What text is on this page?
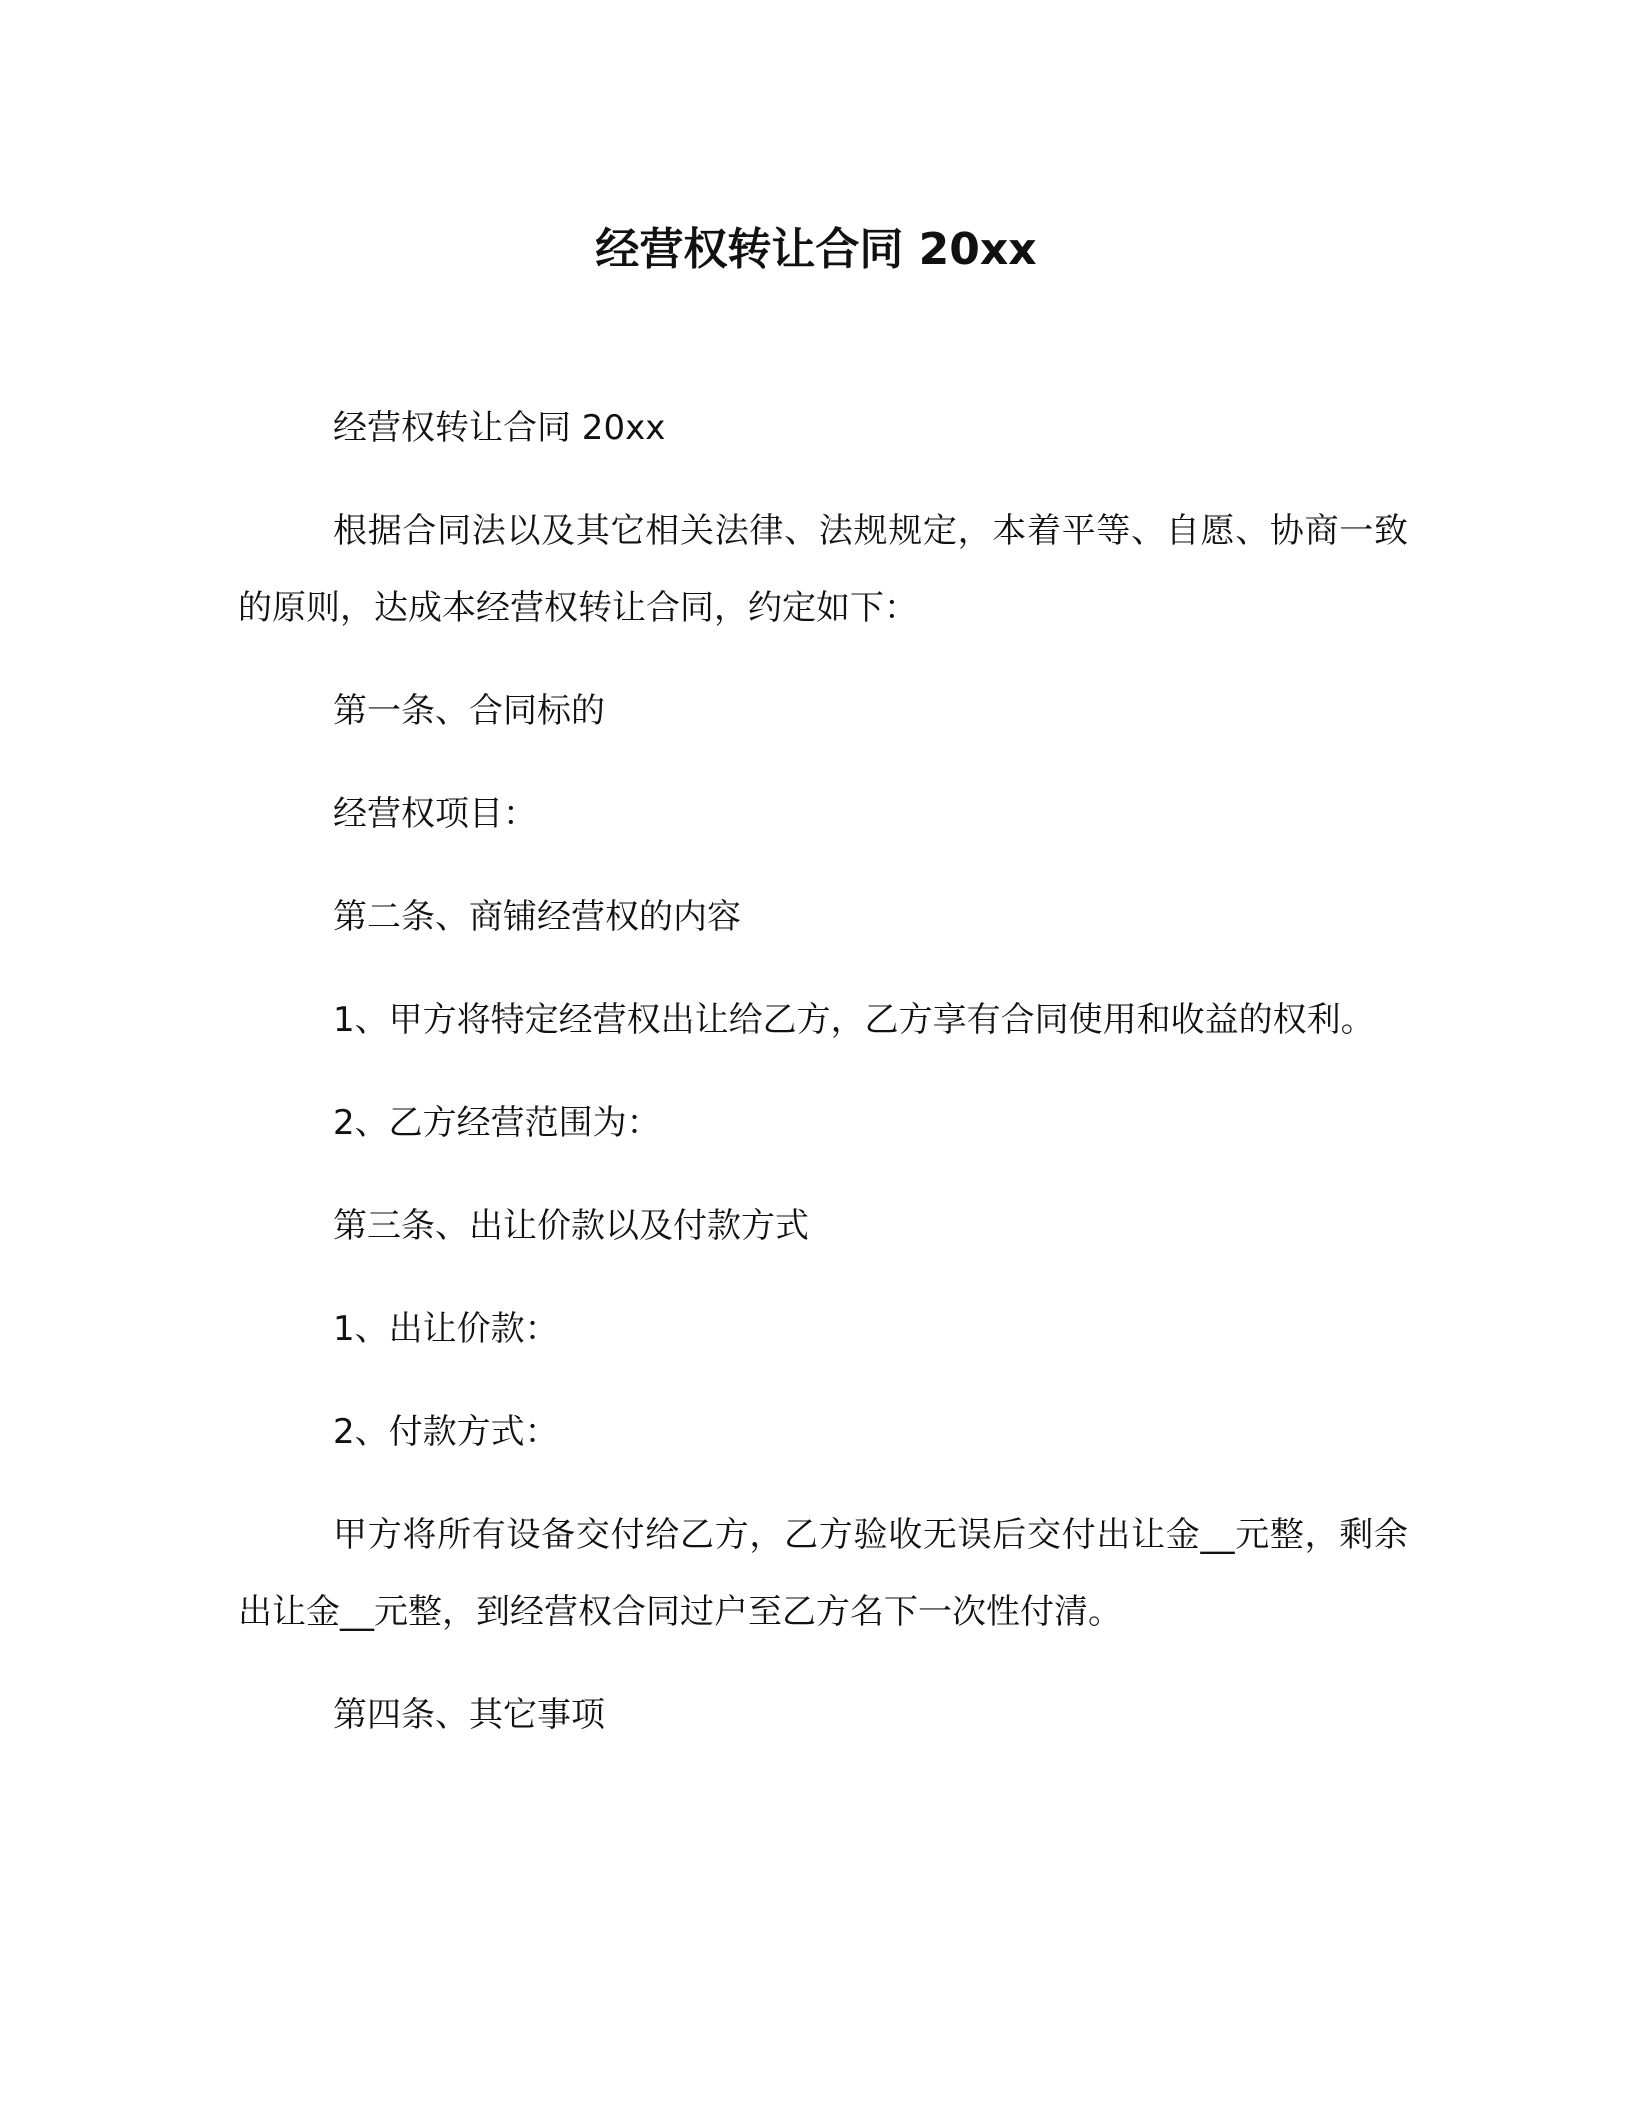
经营权转让合同 20xx

经营权转让合同 20xx

根据合同法以及其它相关法律、法规规定，本着平等、自愿、协商一致的原则，达成本经营权转让合同，约定如下：

第一条、合同标的

经营权项目：

第二条、商铺经营权的内容

1、甲方将特定经营权出让给乙方，乙方享有合同使用和收益的权利。

2、乙方经营范围为：

第三条、出让价款以及付款方式

1、出让价款：

2、付款方式：

甲方将所有设备交付给乙方，乙方验收无误后交付出让金__元整，剩余出让金__元整，到经营权合同过户至乙方名下一次性付清。

第四条、其它事项
